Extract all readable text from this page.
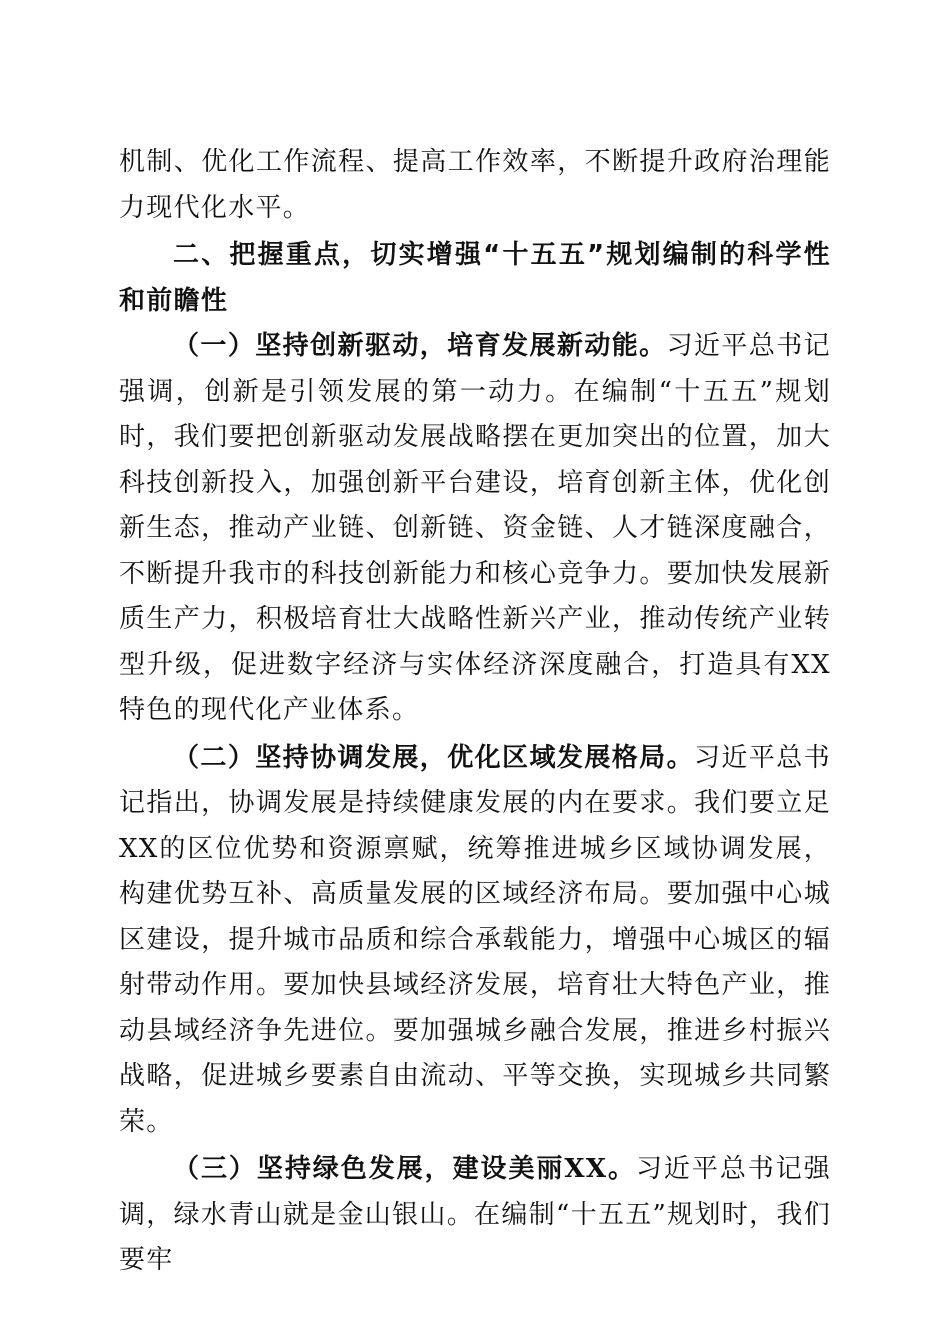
机制、优化工作流程、提高工作效率，不断提升政府治理能力现代化水平。

二、把握重点，切实增强“十五五”规划编制的科学性和前瞻性

（一）坚持创新驱动，培育发展新动能。习近平总书记强调，创新是引领发展的第一动力。在编制“十五五”规划时，我们要把创新驱动发展战略摆在更加突出的位置，加大科技创新投入，加强创新平台建设，培育创新主体，优化创新生态，推动产业链、创新链、资金链、人才链深度融合，不断提升我市的科技创新能力和核心竞争力。要加快发展新质生产力，积极培育壮大战略性新兴产业，推动传统产业转型升级，促进数字经济与实体经济深度融合，打造具有XX特色的现代化产业体系。

（二）坚持协调发展，优化区域发展格局。习近平总书记指出，协调发展是持续健康发展的内在要求。我们要立足XX的区位优势和资源禀赋，统筹推进城乡区域协调发展，构建优势互补、高质量发展的区域经济布局。要加强中心城区建设，提升城市品质和综合承载能力，增强中心城区的辐射带动作用。要加快县域经济发展，培育壮大特色产业，推动县域经济争先进位。要加强城乡融合发展，推进乡村振兴战略，促进城乡要素自由流动、平等交换，实现城乡共同繁荣。

（三）坚持绿色发展，建设美丽XX。习近平总书记强调，绿水青山就是金山银山。在编制“十五五”规划时，我们要牢
